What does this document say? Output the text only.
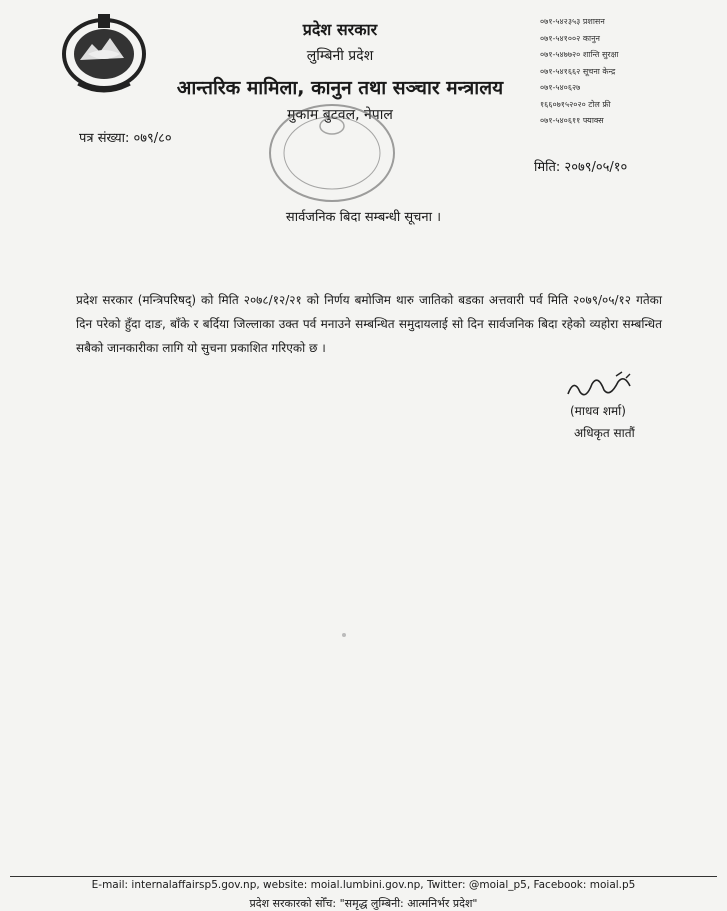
प्रदेश सरकार
लुम्बिनी प्रदेश
आन्तरिक मामिला, कानुन तथा सञ्चार मन्त्रालय
मुकाम बुटवल, नेपाल
०७१-५४२३५३ प्रशासन
०७१-५४१००२ कानुन
०७१-५४७७२० शान्ति सुरक्षा
०७१-५४१६६२ सूचना केन्द्र
०७१-५४०६२७
१६६०७१५२०२० टोल फ्री
०७१-५४०६११ फ्याक्स
पत्र संख्या: ०७९/८०
मिति: २०७९/०५/१०
सार्वजनिक बिदा सम्बन्धी सूचना ।
प्रदेश सरकार (मन्त्रिपरिषद्) को मिति २०७८/१२/२१ को निर्णय बमोजिम थारु जातिको बडका अत्तवारी पर्व मिति २०७९/०५/१२ गतेका दिन परेको हुँदा दाङ, बाँके र बर्दिया जिल्लाका उक्त पर्व मनाउने सम्बन्धित समुदायलाई सो दिन सार्वजनिक बिदा रहेको व्यहोरा सम्बन्धित सबैको जानकारीका लागि यो सुचना प्रकाशित गरिएको छ ।
(माधव शर्मा)
अधिकृत सातौं
E-mail: internalaffairsp5.gov.np, website: moial.lumbini.gov.np, Twitter: @moial_p5, Facebook: moial.p5
प्रदेश सरकारको सोँच: "समृद्ध लुम्बिनी: आत्मनिर्भर प्रदेश"
